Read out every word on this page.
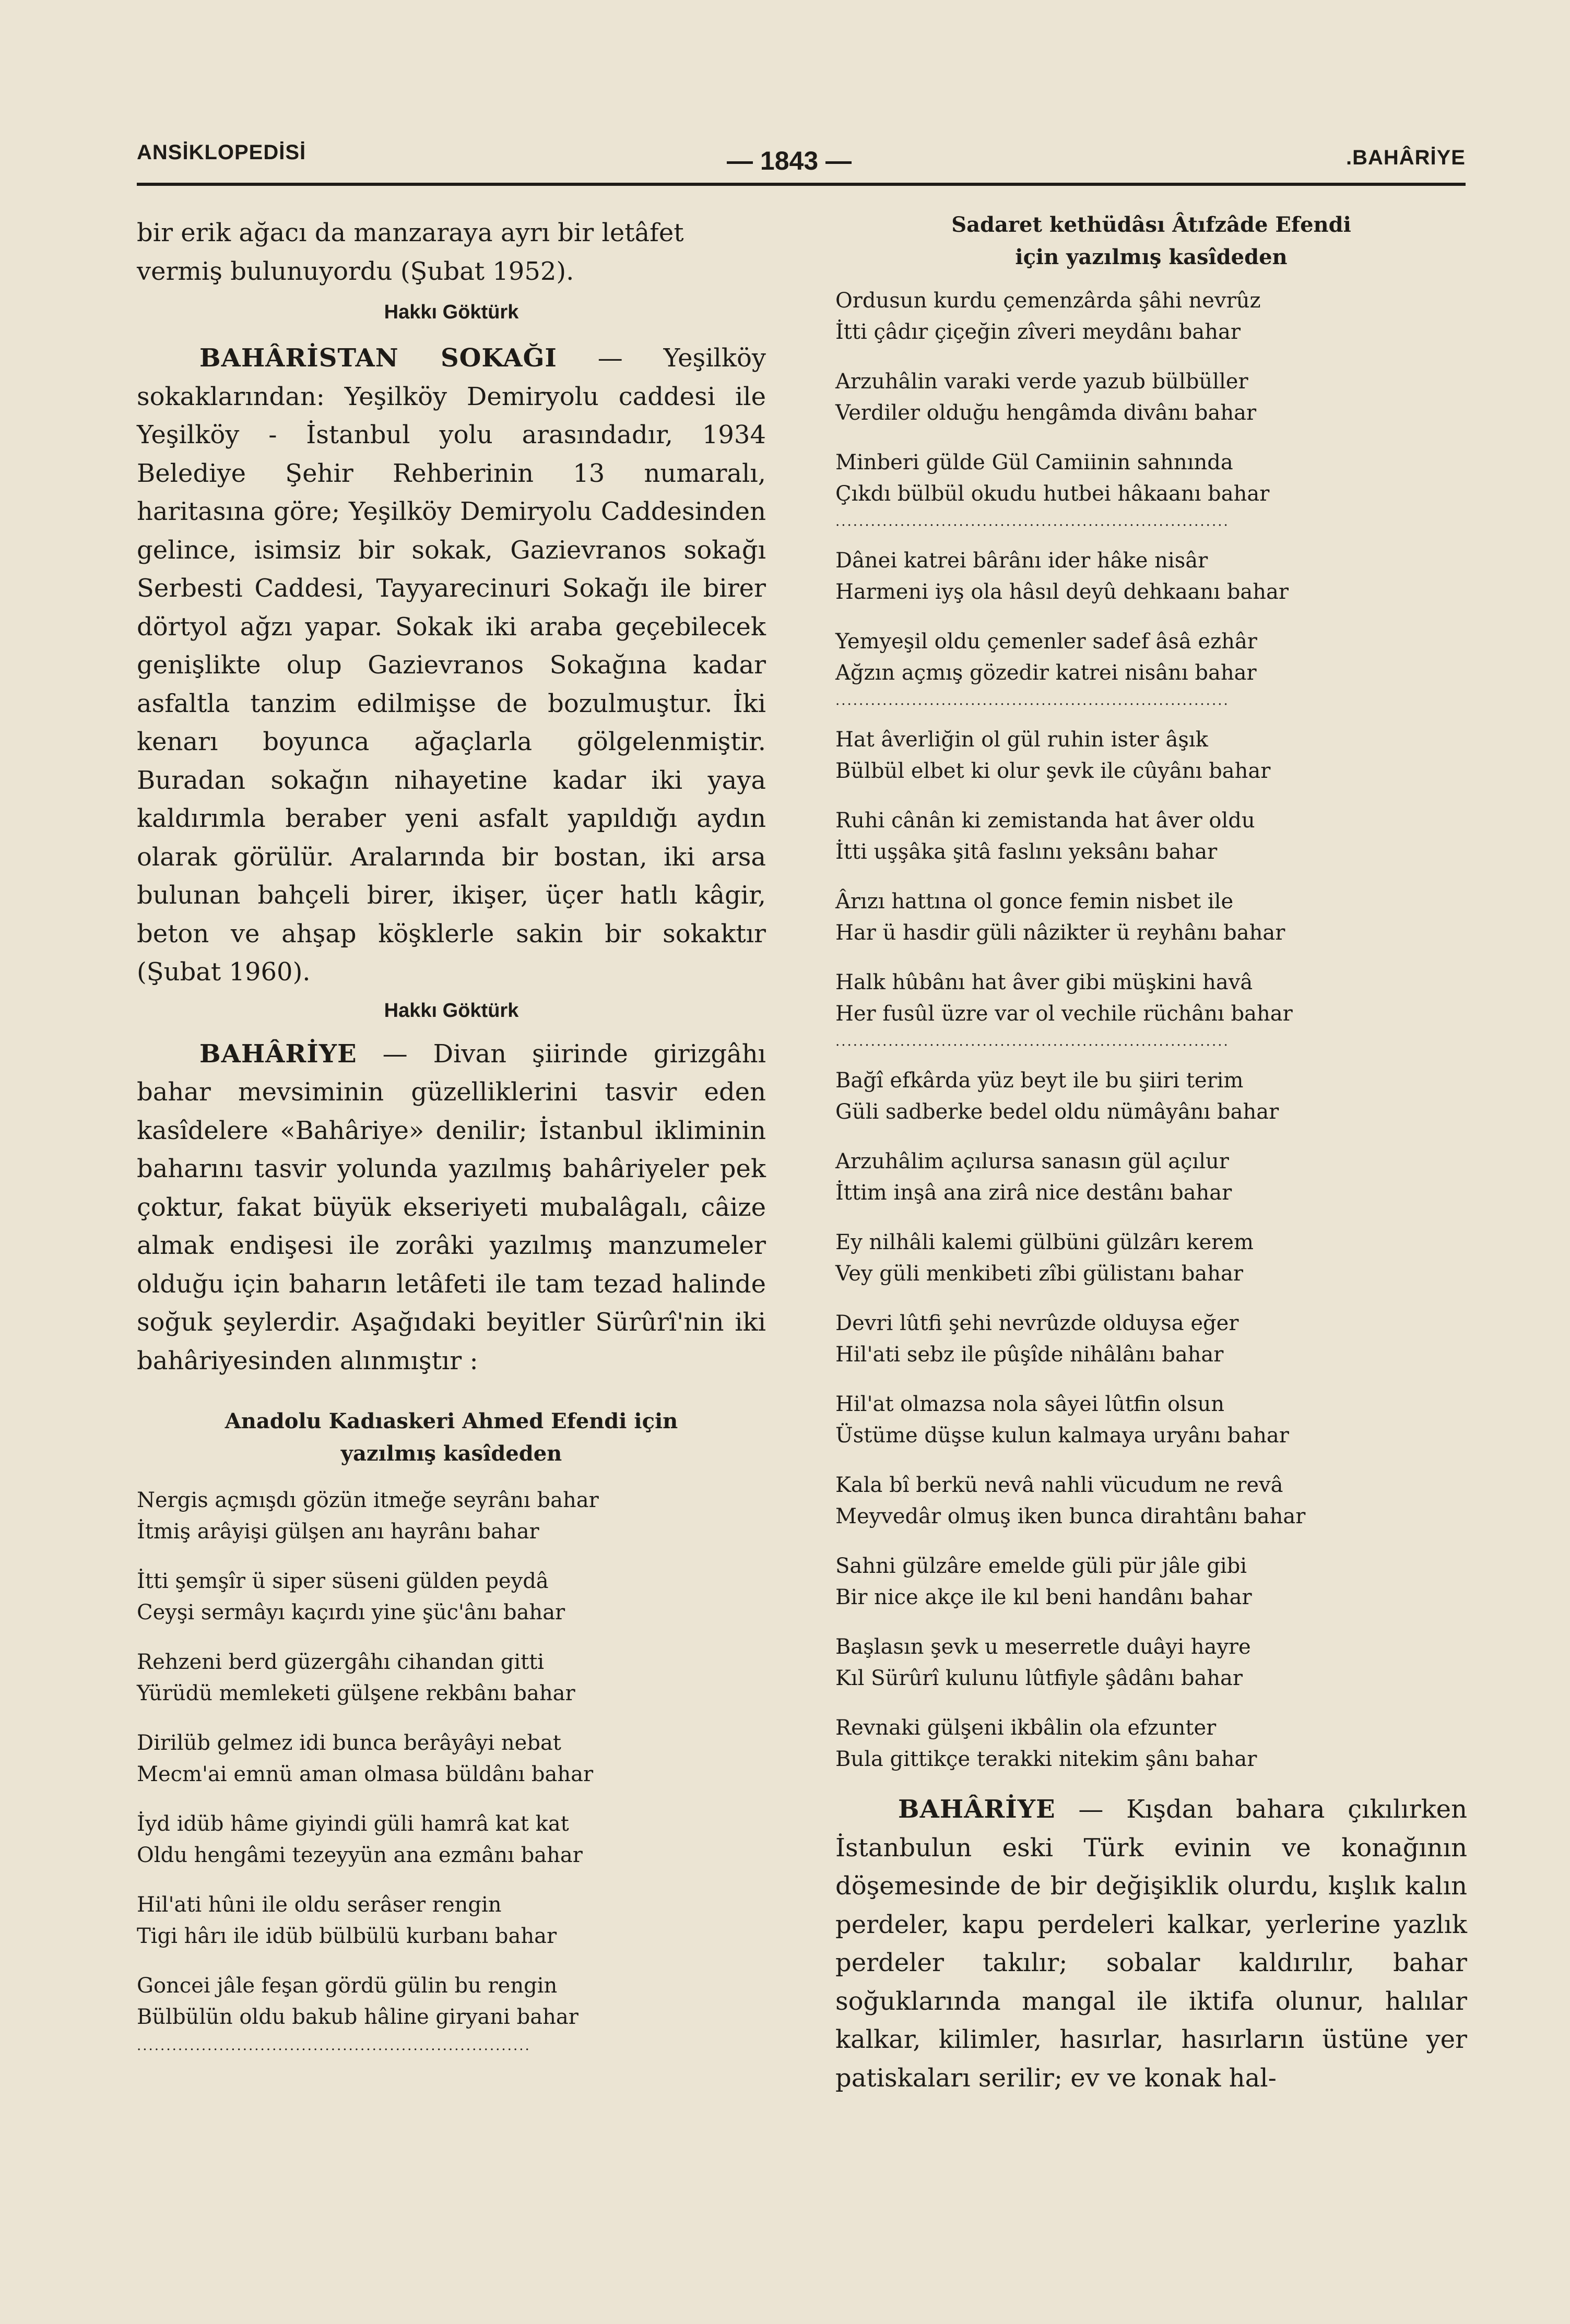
ANSİKLOPEDİSİ	— 1843 —	.BAHÂRİYE

bir erik ağacı da manzaraya ayrı bir letâfet
vermiş bulunuyordu (Şubat 1952).

Hakkı Göktürk

BAHÂRİSTAN SOKAĞI — Yeşilköy sokaklarından: Yeşilköy Demiryolu caddesi ile Yeşilköy - İstanbul yolu arasındadır, 1934 Belediye Şehir Rehberinin 13 numaralı, haritasına göre; Yeşilköy Demiryolu Caddesinden gelince, isimsiz bir sokak, Gazievranos sokağı Serbesti Caddesi, Tayyarecinuri Sokağı ile birer dörtyol ağzı yapar. Sokak iki araba geçebilecek genişlikte olup Gazievranos Sokağına kadar asfaltla tanzim edilmişse de bozulmuştur. İki kenarı boyunca ağaçlarla gölgelenmiştir. Buradan sokağın nihayetine kadar iki yaya kaldırımla beraber yeni asfalt yapıldığı aydın olarak görülür. Aralarında bir bostan, iki arsa bulunan bahçeli birer, ikişer, üçer hatlı kâgir, beton ve ahşap köşklerle sakin bir sokaktır (Şubat 1960).

Hakkı Göktürk

BAHÂRİYE — Divan şiirinde girizgâhı bahar mevsiminin güzelliklerini tasvir eden kasîdelere «Bahâriye» denilir; İstanbul ikliminin baharını tasvir yolunda yazılmış bahâriyeler pek çoktur, fakat büyük ekseriyeti mubalâgalı, câize almak endişesi ile zorâki yazılmış manzumeler olduğu için baharın letâfeti ile tam tezad halinde soğuk şeylerdir. Aşağıdaki beyitler Sürûrî'nin iki bahâriyesinden alınmıştır :

Anadolu Kadıaskeri Ahmed Efendi için

yazılmış kasîdeden

Nergis açmışdı gözün itmeğe seyrânı bahar
İtmiş arâyişi gülşen anı hayrânı bahar
İtti şemşîr ü siper süseni gülden peydâ
Ceyşi sermâyı kaçırdı yine şüc'ânı bahar
Rehzeni berd güzergâhı cihandan gitti
Yürüdü memleketi gülşene rekbânı bahar
Dirilüb gelmez idi bunca berâyâyi nebat
Mecm'ai emnü aman olmasa büldânı bahar
İyd idüb hâme giyindi güli hamrâ kat kat
Oldu hengâmi tezeyyün ana ezmânı bahar
Hil'ati hûni ile oldu serâser rengin
Tigi hârı ile idüb bülbülü kurbanı bahar
Goncei jâle feşan gördü gülin bu rengin
Bülbülün oldu bakub hâline giryani bahar

...................................................................

Sadaret kethüdâsı Âtıfzâde Efendi

için yazılmış kasîdeden

Ordusun kurdu çemenzârda şâhi nevrûz
İtti çâdır çiçeğin zîveri meydânı bahar
Arzuhâlin varaki verde yazub bülbüller
Verdiler olduğu hengâmda divânı bahar
Minberi gülde Gül Camiinin sahnında
Çıkdı bülbül okudu hutbei hâkaanı bahar

...................................................................

Dânei katrei bârânı ider hâke nisâr
Harmeni iyş ola hâsıl deyû dehkaanı bahar
Yemyeşil oldu çemenler sadef âsâ ezhâr
Ağzın açmış gözedir katrei nisânı bahar

...................................................................

Hat âverliğin ol gül ruhin ister âşık
Bülbül elbet ki olur şevk ile cûyânı bahar
Ruhi cânân ki zemistanda hat âver oldu
İtti uşşâka şitâ faslını yeksânı bahar
Ârızı hattına ol gonce femin nisbet ile
Har ü hasdir güli nâzikter ü reyhânı bahar
Halk hûbânı hat âver gibi müşkini havâ
Her fusûl üzre var ol vechile rüchânı bahar

...................................................................

Bağî efkârda yüz beyt ile bu şiiri terim
Güli sadberke bedel oldu nümâyânı bahar
Arzuhâlim açılursa sanasın gül açılur
İttim inşâ ana zirâ nice destânı bahar
Ey nilhâli kalemi gülbüni gülzârı kerem
Vey güli menkibeti zîbi gülistanı bahar
Devri lûtfi şehi nevrûzde olduysa eğer
Hil'ati sebz ile pûşîde nihâlânı bahar
Hil'at olmazsa nola sâyei lûtfin olsun
Üstüme düşse kulun kalmaya uryânı bahar
Kala bî berkü nevâ nahli vücudum ne revâ
Meyvedâr olmuş iken bunca dirahtânı bahar
Sahni gülzâre emelde güli pür jâle gibi
Bir nice akçe ile kıl beni handânı bahar
Başlasın şevk u meserretle duâyi hayre
Kıl Sürûrî kulunu lûtfiyle şâdânı bahar
Revnaki gülşeni ikbâlin ola efzunter
Bula gittikçe terakki nitekim şânı bahar

BAHÂRİYE — Kışdan bahara çıkılırken İstanbulun eski Türk evinin ve konağının döşemesinde de bir değişiklik olurdu, kışlık kalın perdeler, kapu perdeleri kalkar, yerlerine yazlık perdeler takılır; sobalar kaldırılır, bahar soğuklarında mangal ile iktifa olunur, halılar kalkar, kilimler, hasırlar, hasırların üstüne yer patiskaları serilir; ev ve konak hal-
